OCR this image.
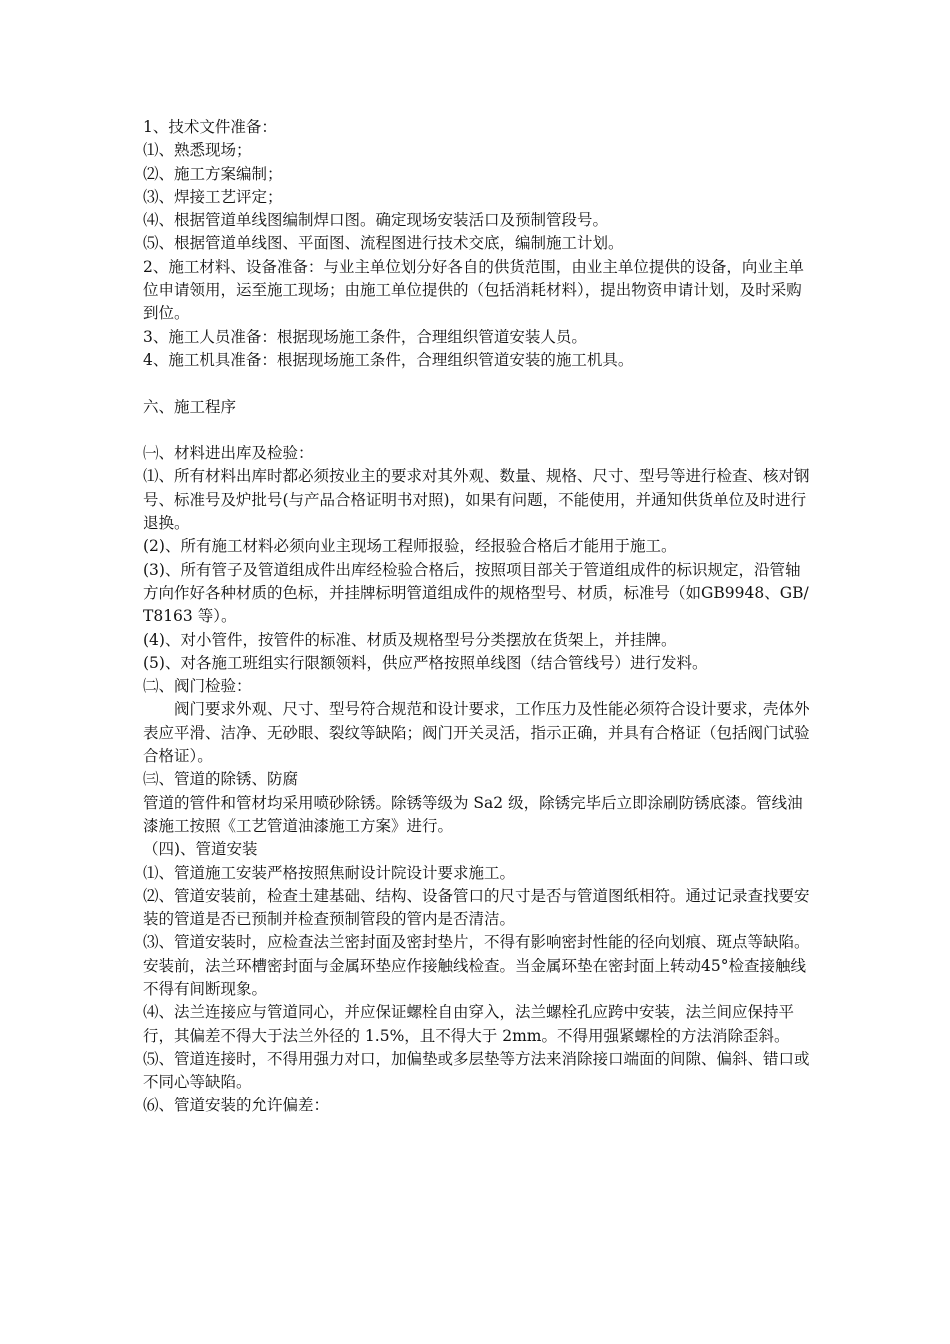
1、技术文件准备：

⑴、熟悉现场；

⑵、施工方案编制；

⑶、焊接工艺评定；

⑷、根据管道单线图编制焊口图。确定现场安装活口及预制管段号。

⑸、根据管道单线图、平面图、流程图进行技术交底，编制施工计划。

2、施工材料、设备准备：与业主单位划分好各自的供货范围，由业主单位提供的设备，向业主单位申请领用，运至施工现场；由施工单位提供的（包括消耗材料），提出物资申请计划，及时采购到位。

3、施工人员准备：根据现场施工条件，合理组织管道安装人员。

4、施工机具准备：根据现场施工条件，合理组织管道安装的施工机具。

六、施工程序

㈠、材料进出库及检验：

⑴、所有材料出库时都必须按业主的要求对其外观、数量、规格、尺寸、型号等进行检查、核对钢号、标准号及炉批号(与产品合格证明书对照)，如果有问题，不能使用，并通知供货单位及时进行退换。

(2)、所有施工材料必须向业主现场工程师报验，经报验合格后才能用于施工。

(3)、所有管子及管道组成件出库经检验合格后，按照项目部关于管道组成件的标识规定，沿管轴方向作好各种材质的色标，并挂牌标明管道组成件的规格型号、材质，标准号（如GB9948、GB/T8163 等）。

(4)、对小管件，按管件的标准、材质及规格型号分类摆放在货架上，并挂牌。

(5)、对各施工班组实行限额领料，供应严格按照单线图（结合管线号）进行发料。

㈡、阀门检验：

阀门要求外观、尺寸、型号符合规范和设计要求，工作压力及性能必须符合设计要求，壳体外表应平滑、洁净、无砂眼、裂纹等缺陷；阀门开关灵活，指示正确，并具有合格证（包括阀门试验合格证）。

㈢、管道的除锈、防腐

管道的管件和管材均采用喷砂除锈。除锈等级为 Sa2 级，除锈完毕后立即涂刷防锈底漆。管线油漆施工按照《工艺管道油漆施工方案》进行。

（四)、管道安装

⑴、管道施工安装严格按照焦耐设计院设计要求施工。

⑵、管道安装前，检查土建基础、结构、设备管口的尺寸是否与管道图纸相符。通过记录查找要安装的管道是否已预制并检查预制管段的管内是否清洁。

⑶、管道安装时，应检查法兰密封面及密封垫片，不得有影响密封性能的径向划痕、斑点等缺陷。安装前，法兰环槽密封面与金属环垫应作接触线检查。当金属环垫在密封面上转动45°检查接触线不得有间断现象。

⑷、法兰连接应与管道同心，并应保证螺栓自由穿入，法兰螺栓孔应跨中安装，法兰间应保持平行，其偏差不得大于法兰外径的 1.5%，且不得大于 2mm。不得用强紧螺栓的方法消除歪斜。

⑸、管道连接时，不得用强力对口，加偏垫或多层垫等方法来消除接口端面的间隙、偏斜、错口或不同心等缺陷。

⑹、管道安装的允许偏差：
